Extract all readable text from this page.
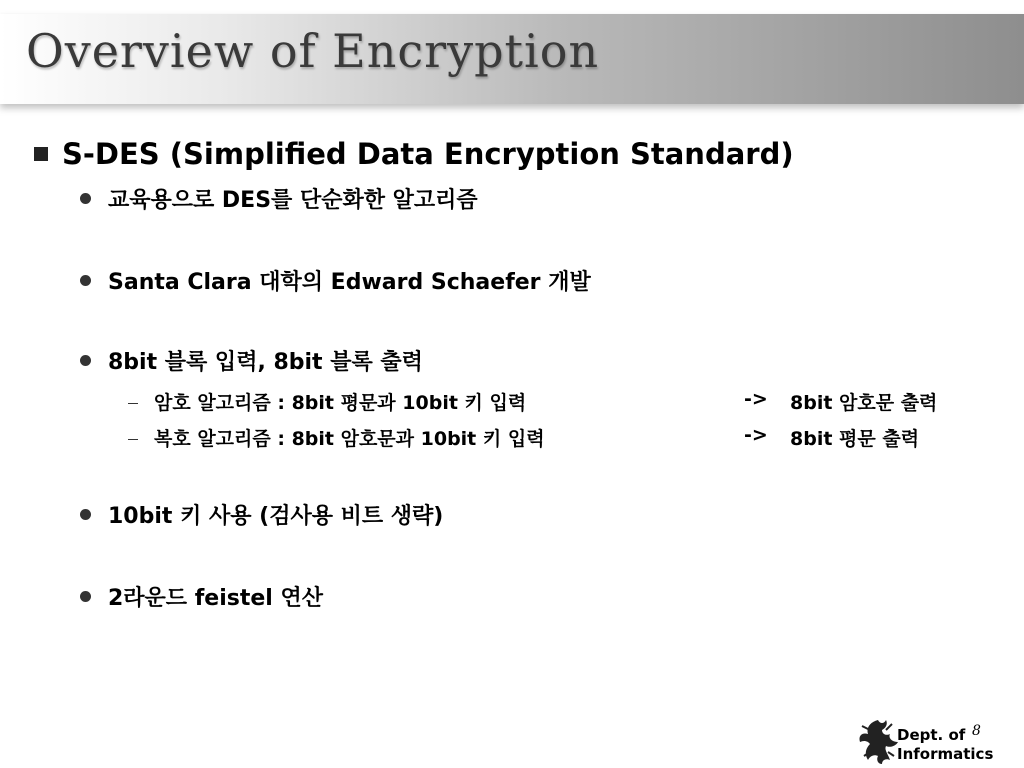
Overview of Encryption
S-DES (Simplified Data Encryption Standard)
교육용으로 DES를 단순화한 알고리즘
Santa Clara 대학의 Edward Schaefer 개발
8bit 블록 입력, 8bit 블록 출력
암호 알고리즘 : 8bit 평문과 10bit 키 입력	-> 8bit 암호문 출력
복호 알고리즘 : 8bit 암호문과 10bit 키 입력	-> 8bit 평문 출력
10bit 키 사용 (검사용 비트 생략)
2라운드 feistel 연산
Dept. of
Informatics
8
